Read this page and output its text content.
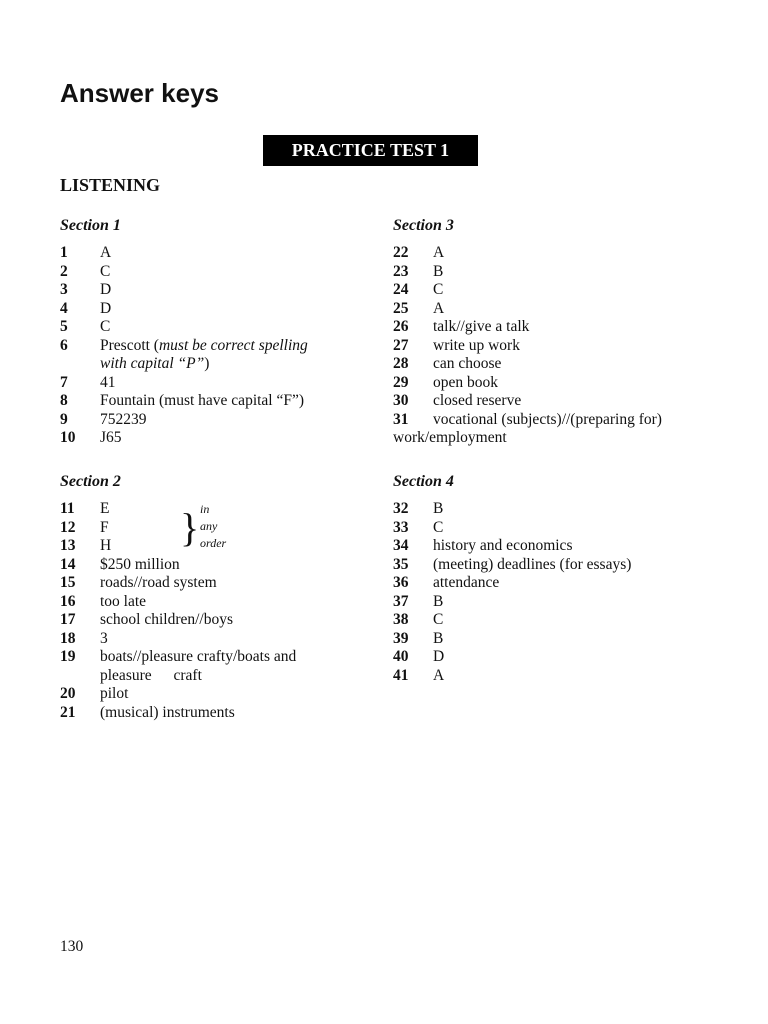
Answer keys
PRACTICE TEST 1
LISTENING
Section 1
1	A
2	C
3	D
4	D
5	C
6	Prescott (must be correct spelling
with capital “P”)
7	41
8	Fountain (must have capital “F”)
9	752239
10	J65
Section 2
11	E
12	F
13	H } in
any
order
14	$250 million
15	roads//road system
16	too late
17	school children//boys
18	3
19	boats//pleasure crafty/boats and
pleasure craft
20	pilot
21	(musical) instruments
Section 3
22	A
23	B
24	C
25	A
26	talk//give a talk
27	write up work
28	can choose
29	open book
30	closed reserve
31	vocational (subjects)//(preparing for)
work/employment
Section 4
32	B
33	C
34	history and economics
35	(meeting) deadlines (for essays)
36	attendance
37	B
38	C
39	B
40	D
41	A
130
